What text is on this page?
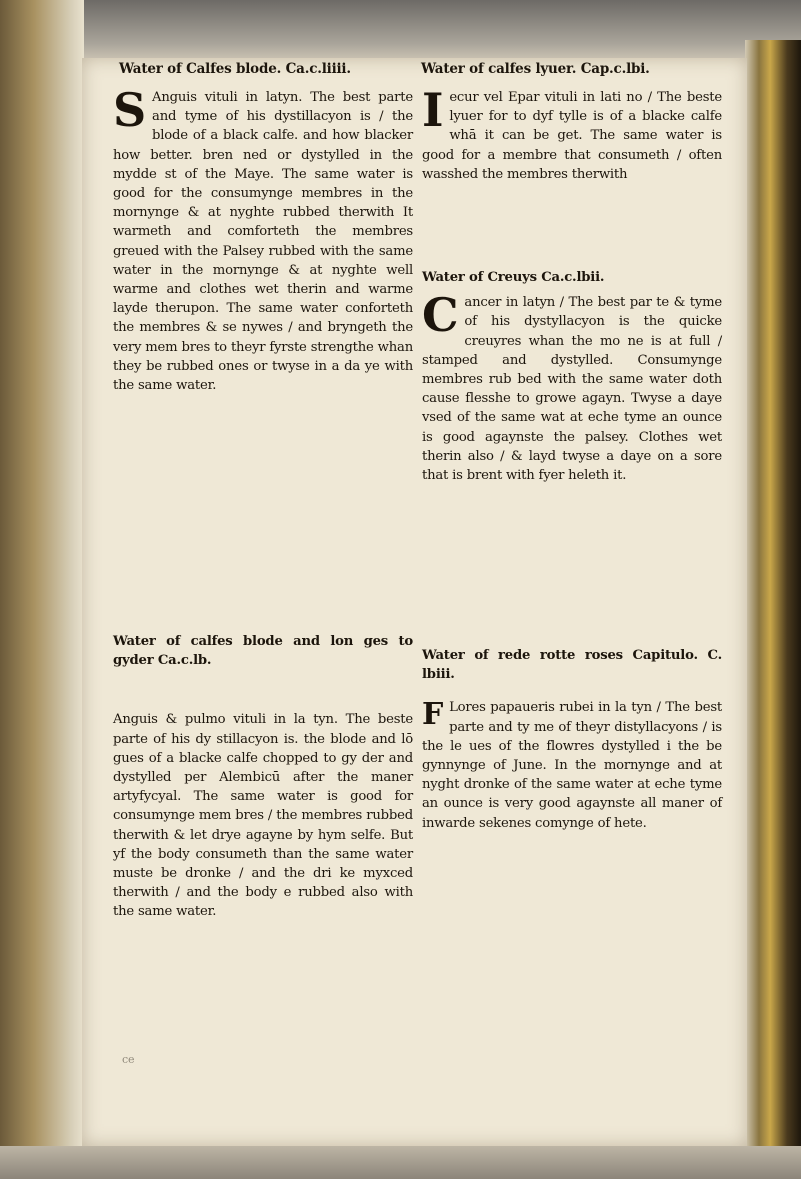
Water of Calfes blode. Ca.c.liiii.
S Anguis vituli in latyn. The best parte and tyme of his dystillacyon is / the blode of a black calfe. and how blacker how better. bren ned or dystylled in the mydde st of the Maye. The same water is good for the consumynge membres in the mornynge & at nyghte rubbed therwith It warmeth and comforteth the membres greued with the Palsey rubbed with the same water in the mornynge & at nyghte well warme and clothes wet therin and warme layde therupon. The same water conforteth the membres & se nywes / and bryngeth the very mem bres to theyr fyrste strengthe whan they be rubbed ones or twyse in a da ye with the same water.
Water of calfes blode and lon ges to gyder Ca.c.lb.
Anguis & pulmo vituli in la tyn. The beste parte of his dy stillacyon is. the blode and lō gues of a blacke calfe chopped to gy der and dystylled per Alembicū after the maner artyfycyal. The same water is good for consumynge mem bres / the membres rubbed therwith & let drye agayne by hym selfe. But yf the body consumeth than the same water muste be dronke / and the dri ke myxced therwith / and the body e rubbed also with the same water.
Water of calfes lyuer. Cap.c.lbi.
I ecur vel Epar vituli in lati no / The beste lyuer for to dyf tylle is of a blacke calfe whā it can be get. The same water is good for a membre that consumeth / often wasshed the membres therwith
Water of Creuys Ca.c.lbii.
C ancer in latyn / The best par te & tyme of his dystyllacyon is the quicke creuyres whan the mo ne is at full / stamped and dystylled. Consumynge membres rub bed with the same water doth cause flesshe to growe agayn. Twyse a daye vsed of the same wat at eche tyme an ounce is good agaynste the palsey. Clothes wet therin also / & layd twyse a daye on a sore that is brent with fyer heleth it.
Water of rede rotte roses Capitulo. C. lbiii.
F Lores papaueris rubei in la tyn / The best parte and ty me of theyr distyllacyons / is the le ues of the flowres dystylled i the be gynnynge of June. In the mornynge and at nyght dronke of the same water at eche tyme an ounce is very good agaynste all maner of inwarde sekenes comynge of hete.
ce
